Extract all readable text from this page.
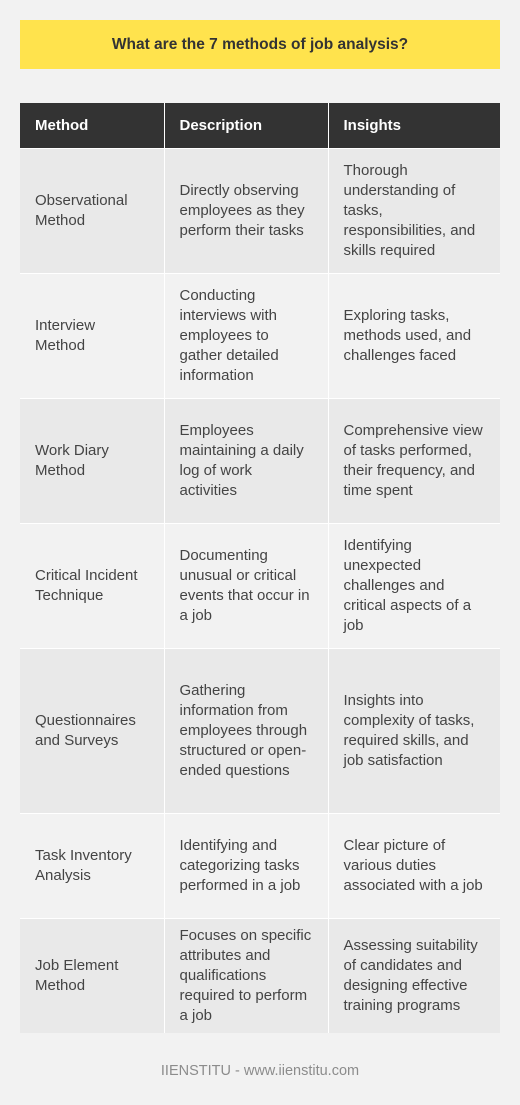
What are the 7 methods of job analysis?
Method	Description	Insights
Observational Method	Directly observing employees as they perform their tasks	Thorough understanding of tasks, responsibilities, and skills required
Interview Method	Conducting interviews with employees to gather detailed information	Exploring tasks, methods used, and challenges faced
Work Diary Method	Employees maintaining a daily log of work activities	Comprehensive view of tasks performed, their frequency, and time spent
Critical Incident Technique	Documenting unusual or critical events that occur in a job	Identifying unexpected challenges and critical aspects of a job
Questionnaires and Surveys	Gathering information from employees through structured or open-ended questions	Insights into complexity of tasks, required skills, and job satisfaction
Task Inventory Analysis	Identifying and categorizing tasks performed in a job	Clear picture of various duties associated with a job
Job Element Method	Focuses on specific attributes and qualifications required to perform a job	Assessing suitability of candidates and designing effective training programs
IIENSTITU - www.iienstitu.com
